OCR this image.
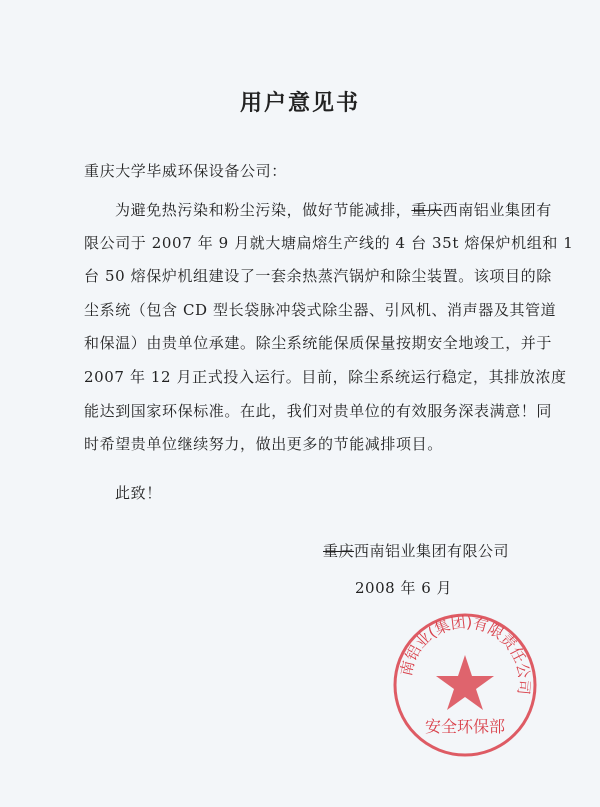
用户意见书
重庆大学毕威环保设备公司：
为避免热污染和粉尘污染，做好节能减排，重庆西南铝业集团有
限公司于 2007 年 9 月就大塘扁熔生产线的 4 台 35t 熔保炉机组和 1
台 50 熔保炉机组建设了一套余热蒸汽锅炉和除尘装置。该项目的除
尘系统（包含 CD 型长袋脉冲袋式除尘器、引风机、消声器及其管道
和保温）由贵单位承建。除尘系统能保质保量按期安全地竣工，并于
2007 年 12 月正式投入运行。目前，除尘系统运行稳定，其排放浓度
能达到国家环保标准。在此，我们对贵单位的有效服务深表满意！同
时希望贵单位继续努力，做出更多的节能减排项目。
此致！
重庆西南铝业集团有限公司
2008 年 6 月
南铝业(集团)有限责任公司
安全环保部
